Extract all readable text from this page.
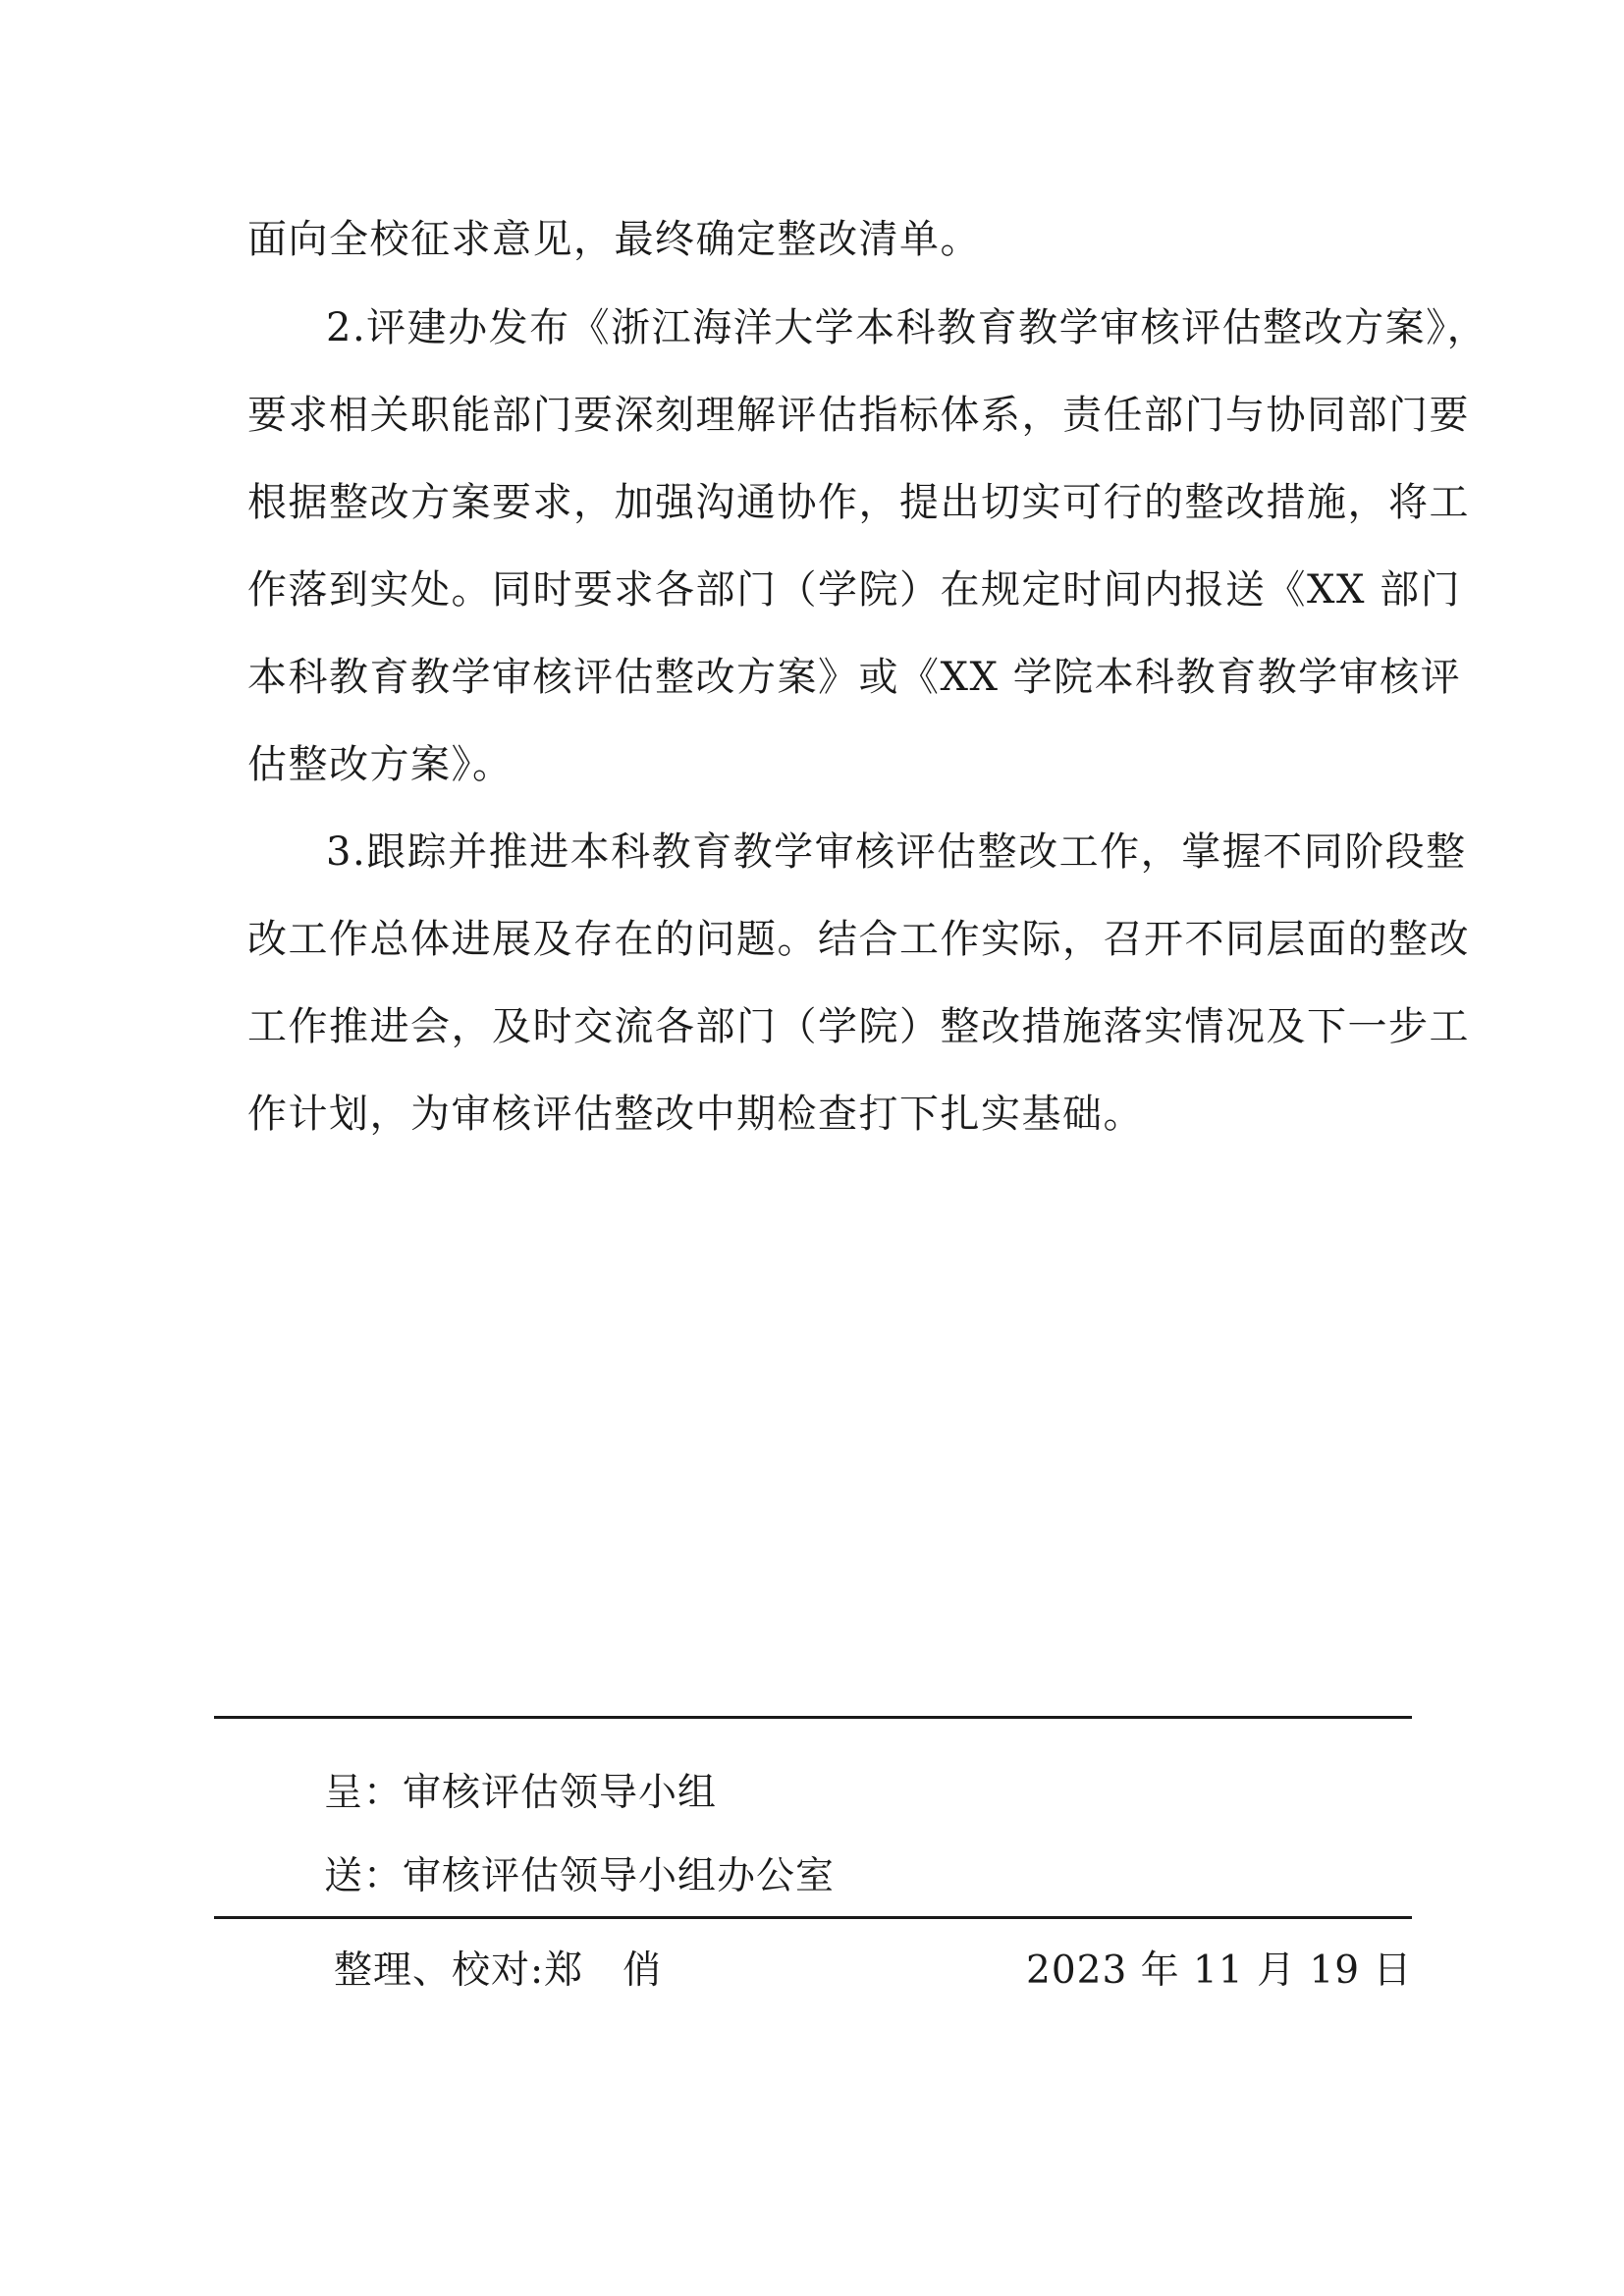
面向全校征求意见，最终确定整改清单。
2.评建办发布《浙江海洋大学本科教育教学审核评估整改方案》，
要求相关职能部门要深刻理解评估指标体系，责任部门与协同部门要
根据整改方案要求，加强沟通协作，提出切实可行的整改措施，将工
作落到实处。同时要求各部门（学院）在规定时间内报送《XX 部门
本科教育教学审核评估整改方案》或《XX 学院本科教育教学审核评
估整改方案》。
3.跟踪并推进本科教育教学审核评估整改工作，掌握不同阶段整
改工作总体进展及存在的问题。结合工作实际，召开不同层面的整改
工作推进会，及时交流各部门（学院）整改措施落实情况及下一步工
作计划，为审核评估整改中期检查打下扎实基础。
呈：审核评估领导小组
送：审核评估领导小组办公室
整理、校对:郑　俏	2023 年 11 月 19 日
